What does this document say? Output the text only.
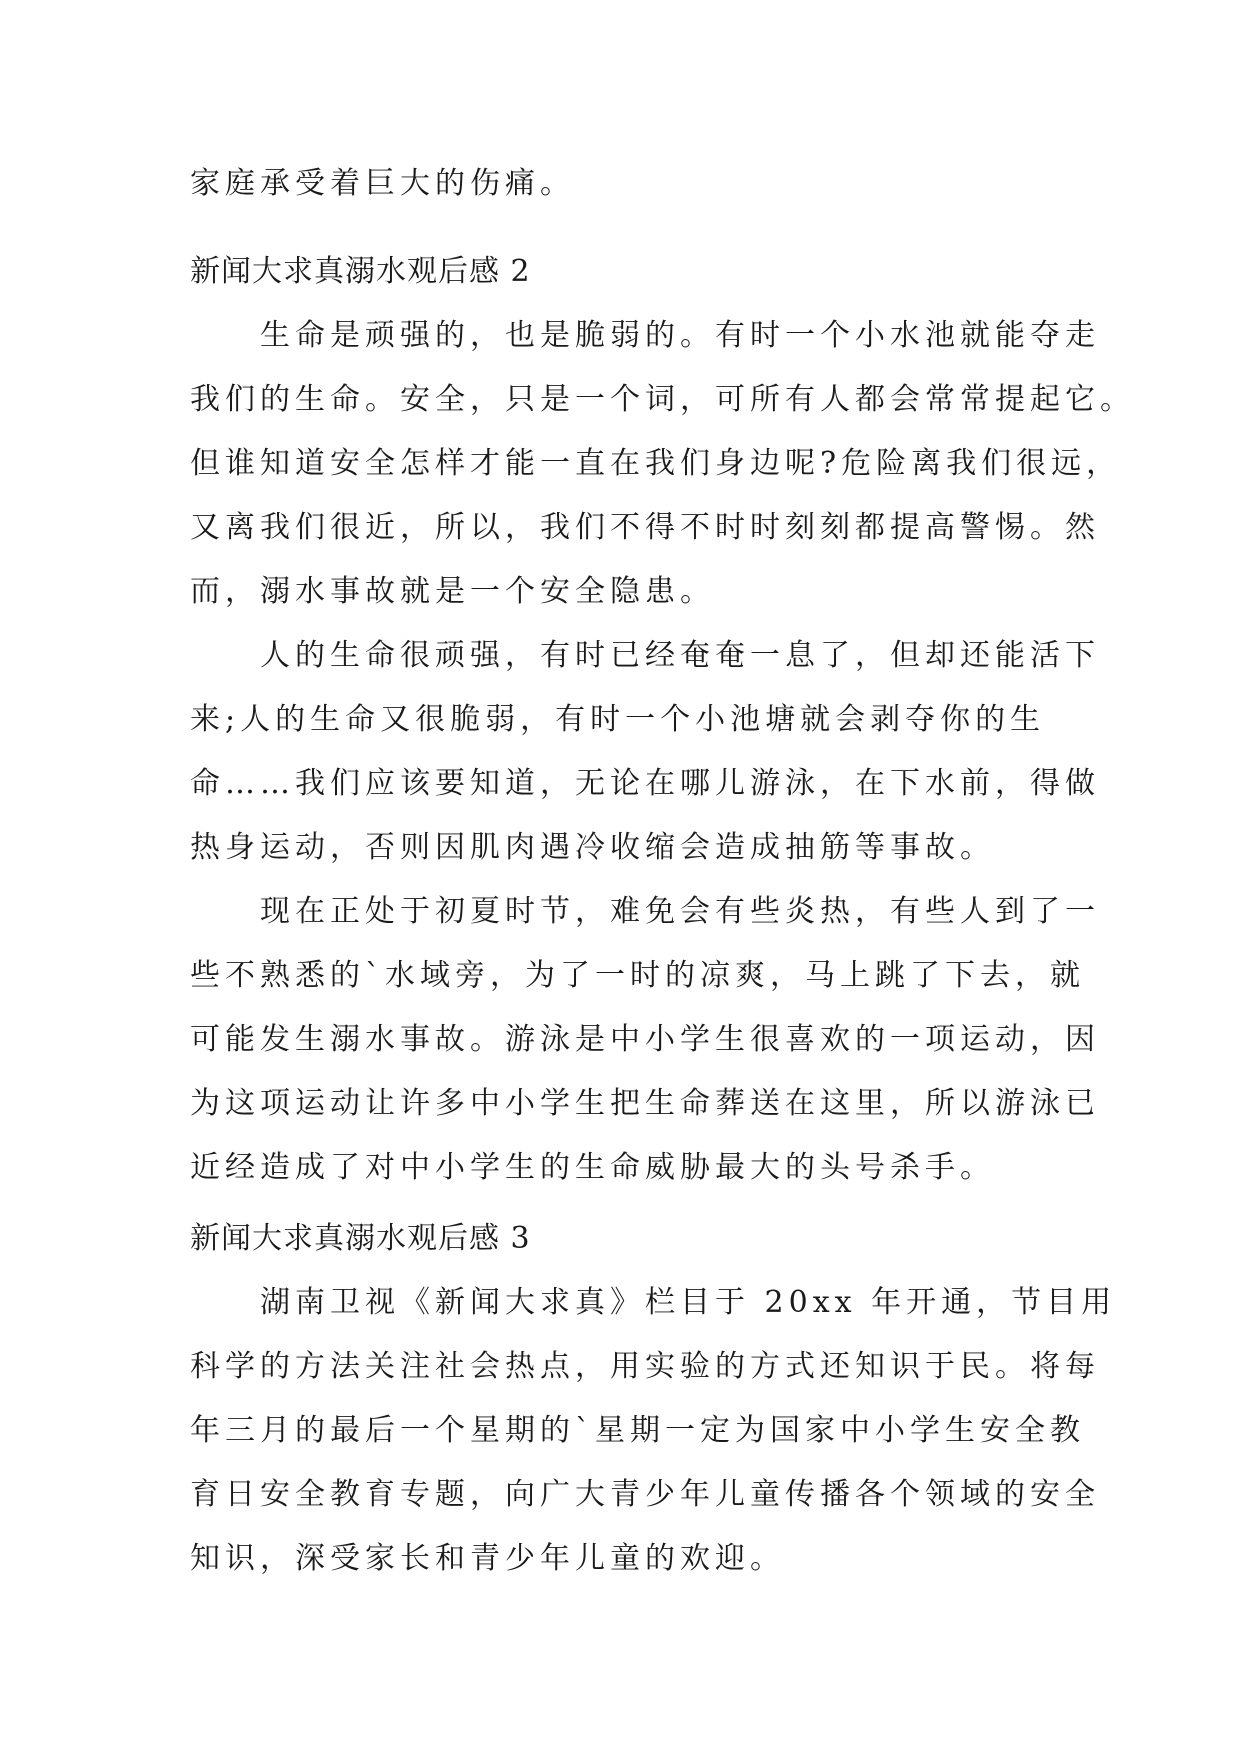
家庭承受着巨大的伤痛。
新闻大求真溺水观后感 2
　　生命是顽强的，也是脆弱的。有时一个小水池就能夺走
我们的生命。安全，只是一个词，可所有人都会常常提起它。
但谁知道安全怎样才能一直在我们身边呢?危险离我们很远，
又离我们很近，所以，我们不得不时时刻刻都提高警惕。然
而，溺水事故就是一个安全隐患。
　　人的生命很顽强，有时已经奄奄一息了，但却还能活下
来;人的生命又很脆弱，有时一个小池塘就会剥夺你的生
命……我们应该要知道，无论在哪儿游泳，在下水前，得做
热身运动，否则因肌肉遇冷收缩会造成抽筋等事故。
　　现在正处于初夏时节，难免会有些炎热，有些人到了一
些不熟悉的`水域旁，为了一时的凉爽，马上跳了下去，就
可能发生溺水事故。游泳是中小学生很喜欢的一项运动，因
为这项运动让许多中小学生把生命葬送在这里，所以游泳已
近经造成了对中小学生的生命威胁最大的头号杀手。
新闻大求真溺水观后感 3
　　湖南卫视《新闻大求真》栏目于 20xx 年开通，节目用
科学的方法关注社会热点，用实验的方式还知识于民。将每
年三月的最后一个星期的`星期一定为国家中小学生安全教
育日安全教育专题，向广大青少年儿童传播各个领域的安全
知识，深受家长和青少年儿童的欢迎。
